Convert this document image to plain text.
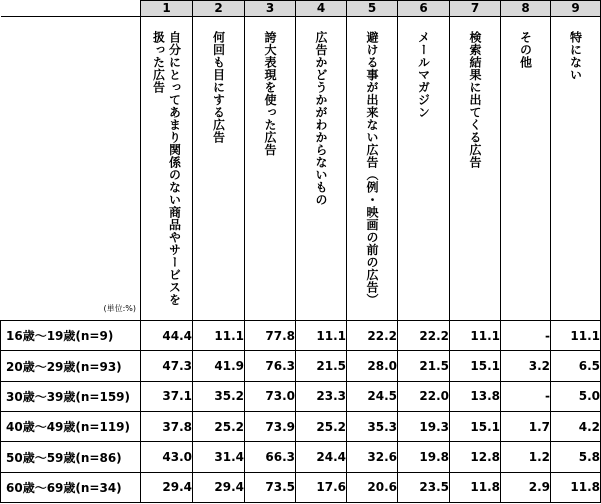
	1	2	3	4	5	6	7	8	9
(単位:%)	自分にとってあまり関係のない商品やサービスを扱った広告	何回も目にする広告	誇大表現を使った広告	広告かどうかがわからないもの	避ける事が出来ない広告（例・映画の前の広告）	メールマガジン	検索結果に出てくる広告	その他	特にない

16歳～19歳(n=9)	44.4	11.1	77.8	11.1	22.2	22.2	11.1	-	11.1
20歳～29歳(n=93)	47.3	41.9	76.3	21.5	28.0	21.5	15.1	3.2	6.5
30歳～39歳(n=159)	37.1	35.2	73.0	23.3	24.5	22.0	13.8	-	5.0
40歳～49歳(n=119)	37.8	25.2	73.9	25.2	35.3	19.3	15.1	1.7	4.2
50歳～59歳(n=86)	43.0	31.4	66.3	24.4	32.6	19.8	12.8	1.2	5.8
60歳～69歳(n=34)	29.4	29.4	73.5	17.6	20.6	23.5	11.8	2.9	11.8
